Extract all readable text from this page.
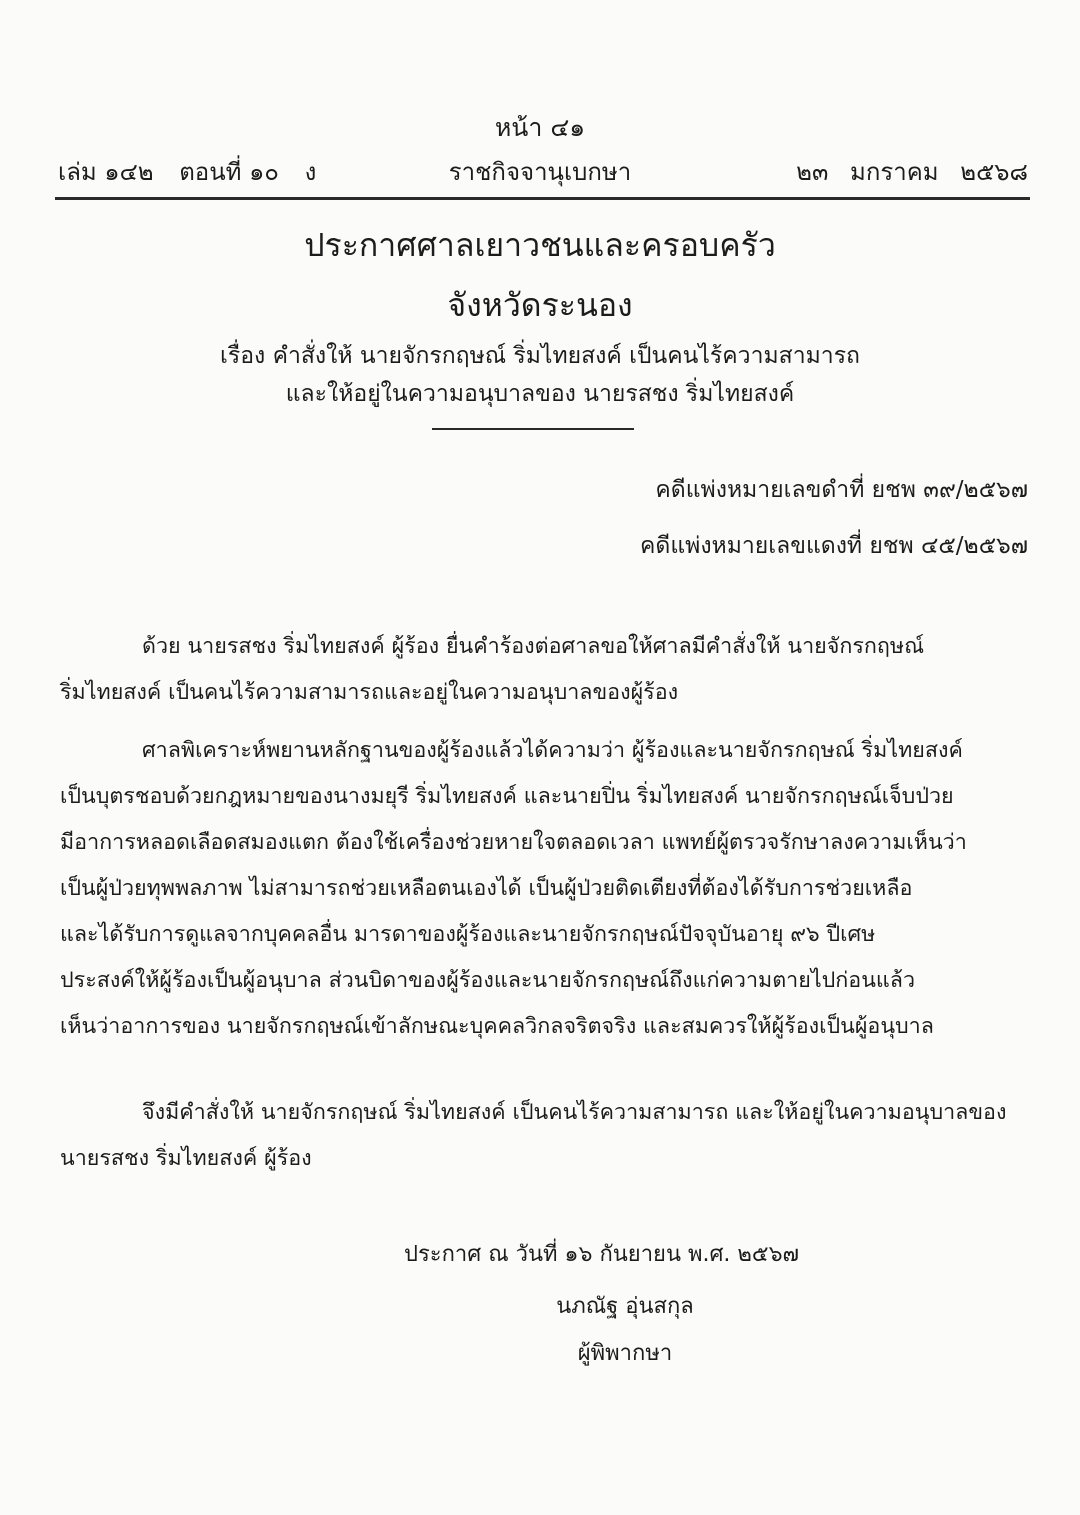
หน้า ๔๑
เล่ม ๑๔๒ ตอนที่ ๑๐ ง	ราชกิจจานุเบกษา	๒๓ มกราคม ๒๕๖๘
ประกาศศาลเยาวชนและครอบครัว
จังหวัดระนอง
เรื่อง คำสั่งให้ นายจักรกฤษณ์ ริ่มไทยสงค์ เป็นคนไร้ความสามารถ
และให้อยู่ในความอนุบาลของ นายรสชง ริ่มไทยสงค์
คดีแพ่งหมายเลขดำที่ ยชพ ๓๙/๒๕๖๗
คดีแพ่งหมายเลขแดงที่ ยชพ ๔๕/๒๕๖๗
ด้วย นายรสชง ริ่มไทยสงค์ ผู้ร้อง ยื่นคำร้องต่อศาลขอให้ศาลมีคำสั่งให้ นายจักรกฤษณ์
ริ่มไทยสงค์ เป็นคนไร้ความสามารถและอยู่ในความอนุบาลของผู้ร้อง
ศาลพิเคราะห์พยานหลักฐานของผู้ร้องแล้วได้ความว่า ผู้ร้องและนายจักรกฤษณ์ ริ่มไทยสงค์
เป็นบุตรชอบด้วยกฎหมายของนางมยุรี ริ่มไทยสงค์ และนายปิ่น ริ่มไทยสงค์ นายจักรกฤษณ์เจ็บป่วย
มีอาการหลอดเลือดสมองแตก ต้องใช้เครื่องช่วยหายใจตลอดเวลา แพทย์ผู้ตรวจรักษาลงความเห็นว่า
เป็นผู้ป่วยทุพพลภาพ ไม่สามารถช่วยเหลือตนเองได้ เป็นผู้ป่วยติดเตียงที่ต้องได้รับการช่วยเหลือ
และได้รับการดูแลจากบุคคลอื่น มารดาของผู้ร้องและนายจักรกฤษณ์ปัจจุบันอายุ ๙๖ ปีเศษ
ประสงค์ให้ผู้ร้องเป็นผู้อนุบาล ส่วนบิดาของผู้ร้องและนายจักรกฤษณ์ถึงแก่ความตายไปก่อนแล้ว
เห็นว่าอาการของ นายจักรกฤษณ์เข้าลักษณะบุคคลวิกลจริตจริง และสมควรให้ผู้ร้องเป็นผู้อนุบาล
จึงมีคำสั่งให้ นายจักรกฤษณ์ ริ่มไทยสงค์ เป็นคนไร้ความสามารถ และให้อยู่ในความอนุบาลของ
นายรสชง ริ่มไทยสงค์ ผู้ร้อง
ประกาศ ณ วันที่ ๑๖ กันยายน พ.ศ. ๒๕๖๗
นภณัฐ อุ่นสกุล
ผู้พิพากษา
